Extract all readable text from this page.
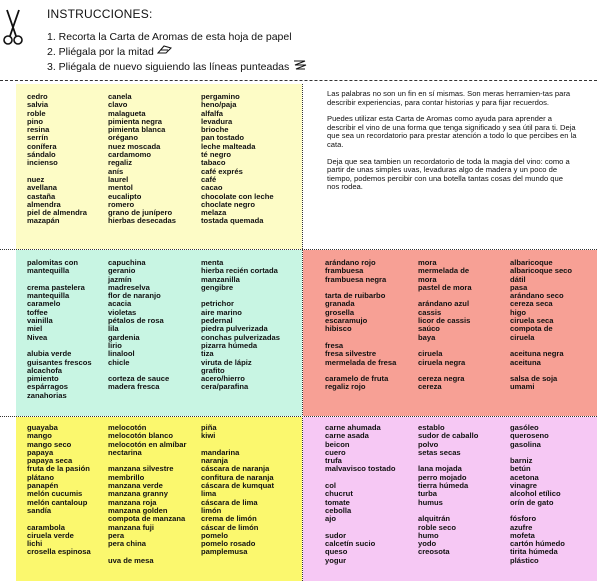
INSTRUCCIONES:
1. Recorta la Carta de Aromas de esta hoja de papel
2. Pliégala por la mitad
3. Pliégala de nuevo siguiendo las líneas punteadas

Las palabras no son un fin en sí mismas. Son meras herramien-tas para describir experiencias, para contar historias y para fijar recuerdos.

Puedes utilizar esta Carta de Aromas como ayuda para aprender a describir el vino de una forma que tenga significado y sea útil para ti. Deja que sea un recordatorio para prestar atención a todo lo que percibes en la cata.

Deja que sea tambien un recordatorio de toda la magia del vino: como a partir de unas simples uvas, levaduras algo de madera y un poco de tiempo, podemos percibir con una botella tantas cosas del mundo que nos rodea.

cedro
salvia
roble
pino
resina
serrín
conífera
sándalo
incienso
nuez
avellana
castaña
almendra
piel de almendra
mazapán
canela
clavo
malagueta
pimienta negra
pimienta blanca
orégano
nuez moscada
cardamomo
regaliz
anís
laurel
mentol
eucalipto
romero
grano de junípero
hierbas desecadas
pergamino
heno/paja
alfalfa
levadura
brioche
pan tostado
leche malteada
té negro
tabaco
café exprés
café
cacao
chocolate con leche
choclate negro
melaza
tostada quemada
palomitas con
mantequilla
crema pastelera
mantequilla
caramelo
toffee
vainilla
miel
Nivea
alubia verde
guisantes frescos
alcachofa
pimiento
espárragos
zanahorias
capuchina
geranio
jazmín
madreselva
flor de naranjo
acacia
violetas
pétalos de rosa
lila
gardenia
lirio
linalool
chicle
corteza de sauce
madera fresca
menta
hierba recién cortada
manzanilla
gengibre
petrichor
aire marino
pedernal
piedra pulverizada
conchas pulverizadas
pizarra húmeda
tiza
viruta de lápiz
grafito
acero/hierro
cera/parafina
arándano rojo
frambuesa
frambuesa negra
tarta de ruibarbo
granada
grosella
escaramujo
hibisco
fresa
fresa silvestre
mermelada de fresa
caramelo de fruta
regaliz rojo
mora
mermelada de
mora
pastel de mora
arándano azul
cassis
licor de cassis
saúco
baya
ciruela
ciruela negra
cereza negra
cereza
albaricoque
albaricoque seco
dátil
pasa
arándano seco
cereza seca
higo
ciruela seca
compota de
ciruela
aceituna negra
aceituna
salsa de soja
umami
guayaba
mango
mango seco
papaya
papaya seca
fruta de la pasión
plátano
panapén
melón cucumis
melón cantaloup
sandía
carambola
ciruela verde
lichi
crosella espinosa
melocotón
melocotón blanco
melocotón en almíbar
nectarina
manzana silvestre
membrillo
manzana verde
manzana granny
manzana roja
manzana golden
compota de manzana
manzana fuji
pera
pera china
uva de mesa
piña
kiwi
mandarina
naranja
cáscara de naranja
confitura de naranja
cáscara de kumquat
lima
cáscara de lima
limón
crema de limón
cáscar de limón
pomelo
pomelo rosado
pamplemusa
carne ahumada
carne asada
beicon
cuero
trufa
malvavisco tostado
col
chucrut
tomate
cebolla
ajo
sudor
calcetín sucio
queso
yogur
establo
sudor de caballo
polvo
setas secas
lana mojada
perro mojado
tierra húmeda
turba
humus
alquitrán
roble seco
humo
yodo
creosota
gasóleo
queroseno
gasolina
barniz
betún
acetona
vinagre
alcohol etílico
orín de gato
fósforo
azufre
mofeta
cartón húmedo
tirita húmeda
plástico
